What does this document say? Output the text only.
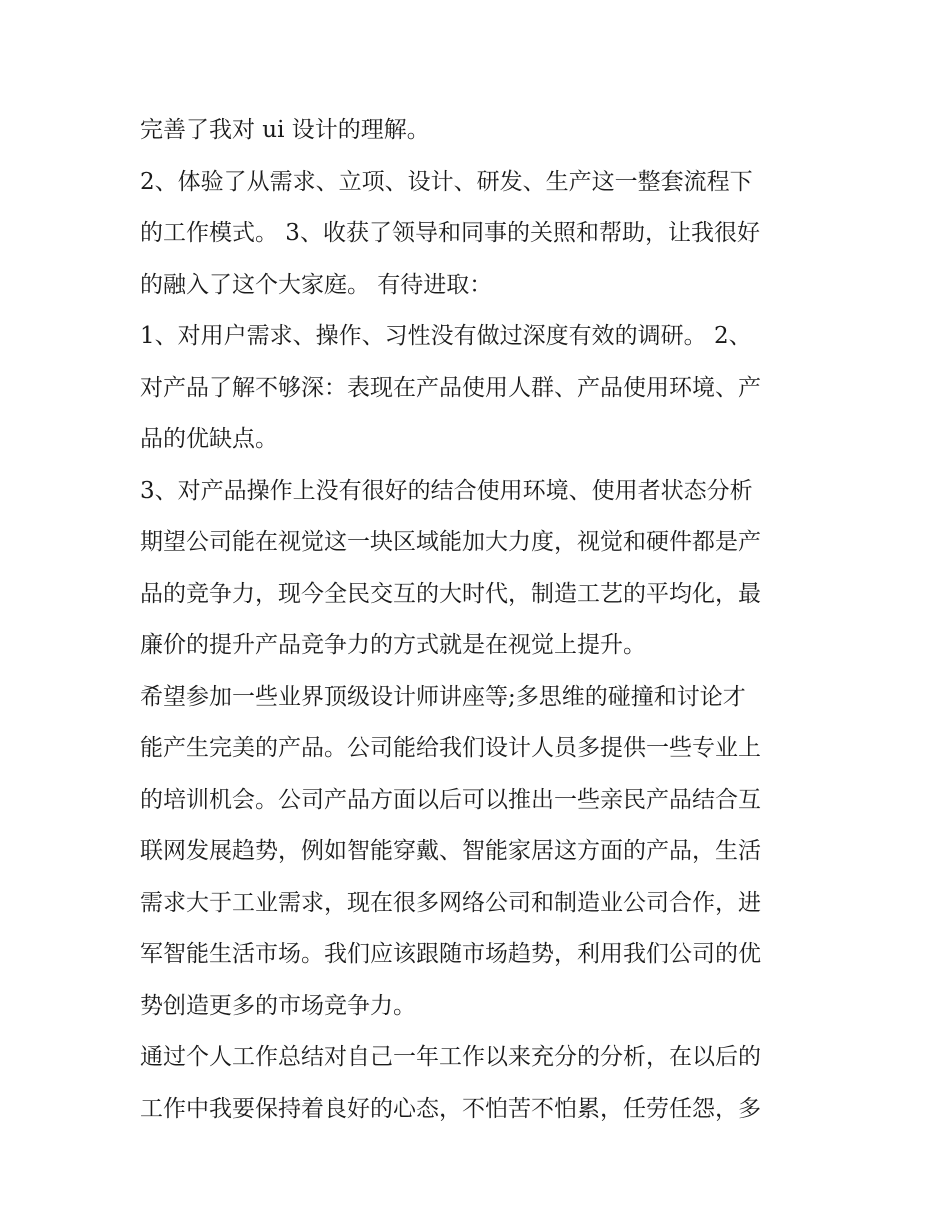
完善了我对 ui 设计的理解。
2、体验了从需求、立项、设计、研发、生产这一整套流程下
的工作模式。 3、收获了领导和同事的关照和帮助，让我很好
的融入了这个大家庭。 有待进取：
1、对用户需求、操作、习性没有做过深度有效的调研。 2、
对产品了解不够深：表现在产品使用人群、产品使用环境、产
品的优缺点。
3、对产品操作上没有很好的结合使用环境、使用者状态分析
期望公司能在视觉这一块区域能加大力度，视觉和硬件都是产
品的竞争力，现今全民交互的大时代，制造工艺的平均化，最
廉价的提升产品竞争力的方式就是在视觉上提升。
希望参加一些业界顶级设计师讲座等;多思维的碰撞和讨论才
能产生完美的产品。公司能给我们设计人员多提供一些专业上
的培训机会。公司产品方面以后可以推出一些亲民产品结合互
联网发展趋势，例如智能穿戴、智能家居这方面的产品，生活
需求大于工业需求，现在很多网络公司和制造业公司合作，进
军智能生活市场。我们应该跟随市场趋势，利用我们公司的优
势创造更多的市场竞争力。
通过个人工作总结对自己一年工作以来充分的分析，在以后的
工作中我要保持着良好的心态，不怕苦不怕累，任劳任怨，多
